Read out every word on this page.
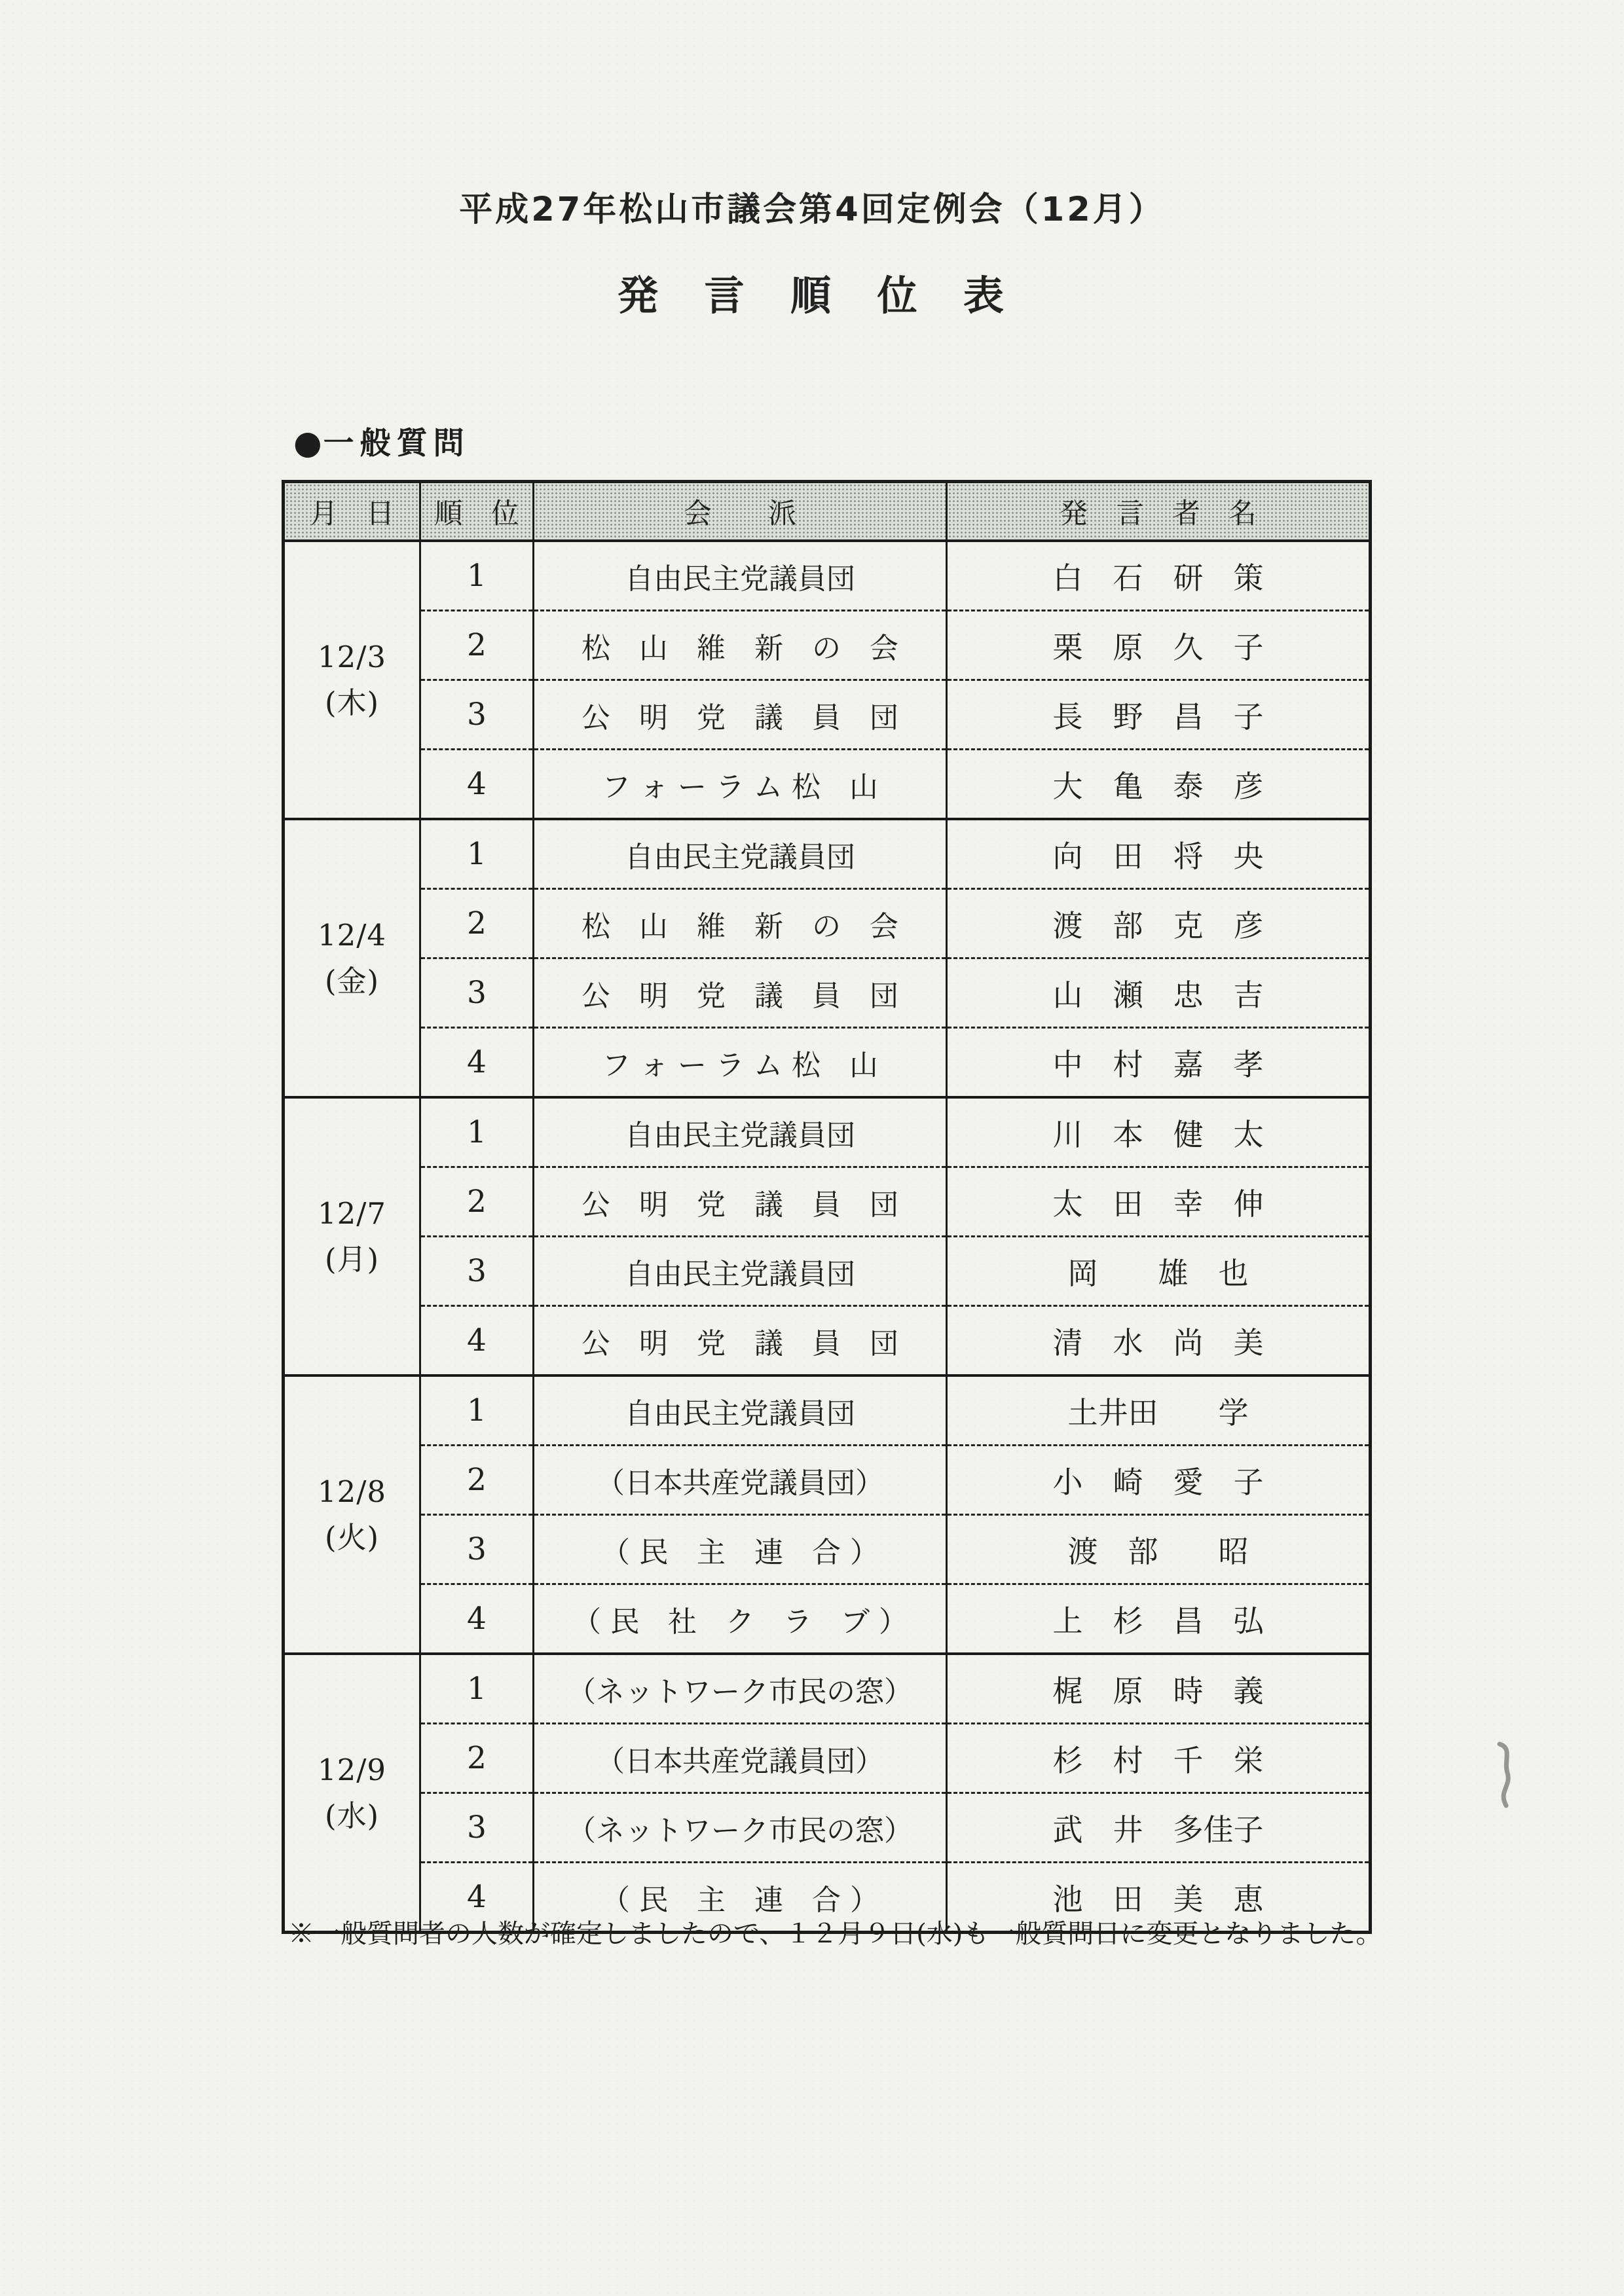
平成27年松山市議会第4回定例会（12月）
発　言　順　位　表
●一般質問
月　日	順　位	会　　派	発　言　者　名

12/3
(木)	1	自由民主党議員団	白　石　研　策
	2	松　山　維　新　の　会	栗　原　久　子
	3	公　明　党　議　員　団	長　野　昌　子
	4	フ ォ ー ラ ム 松　山	大　亀　泰　彦

12/4
(金)	1	自由民主党議員団	向　田　将　央
	2	松　山　維　新　の　会	渡　部　克　彦
	3	公　明　党　議　員　団	山　瀬　忠　吉
	4	フ ォ ー ラ ム 松　山	中　村　嘉　孝

12/7
(月)	1	自由民主党議員団	川　本　健　太
	2	公　明　党　議　員　団	太　田　幸　伸
	3	自由民主党議員団	岡　　雄　也
	4	公　明　党　議　員　団	清　水　尚　美

12/8
(火)	1	自由民主党議員団	土井田　　学
	2	（日本共産党議員団）	小　崎　愛　子
	3	（ 民　主　連　合 ）	渡　部　　昭
	4	（ 民　社　ク　ラ　ブ ）	上　杉　昌　弘

12/9
(水)	1	（ネットワーク市民の窓）	梶　原　時　義
	2	（日本共産党議員団）	杉　村　千　栄
	3	（ネットワーク市民の窓）	武　井　多佳子
	4	（ 民　主　連　合 ）	池　田　美　恵
※一般質問者の人数が確定しましたので、１２月９日(水)も一般質問日に変更となりました。
